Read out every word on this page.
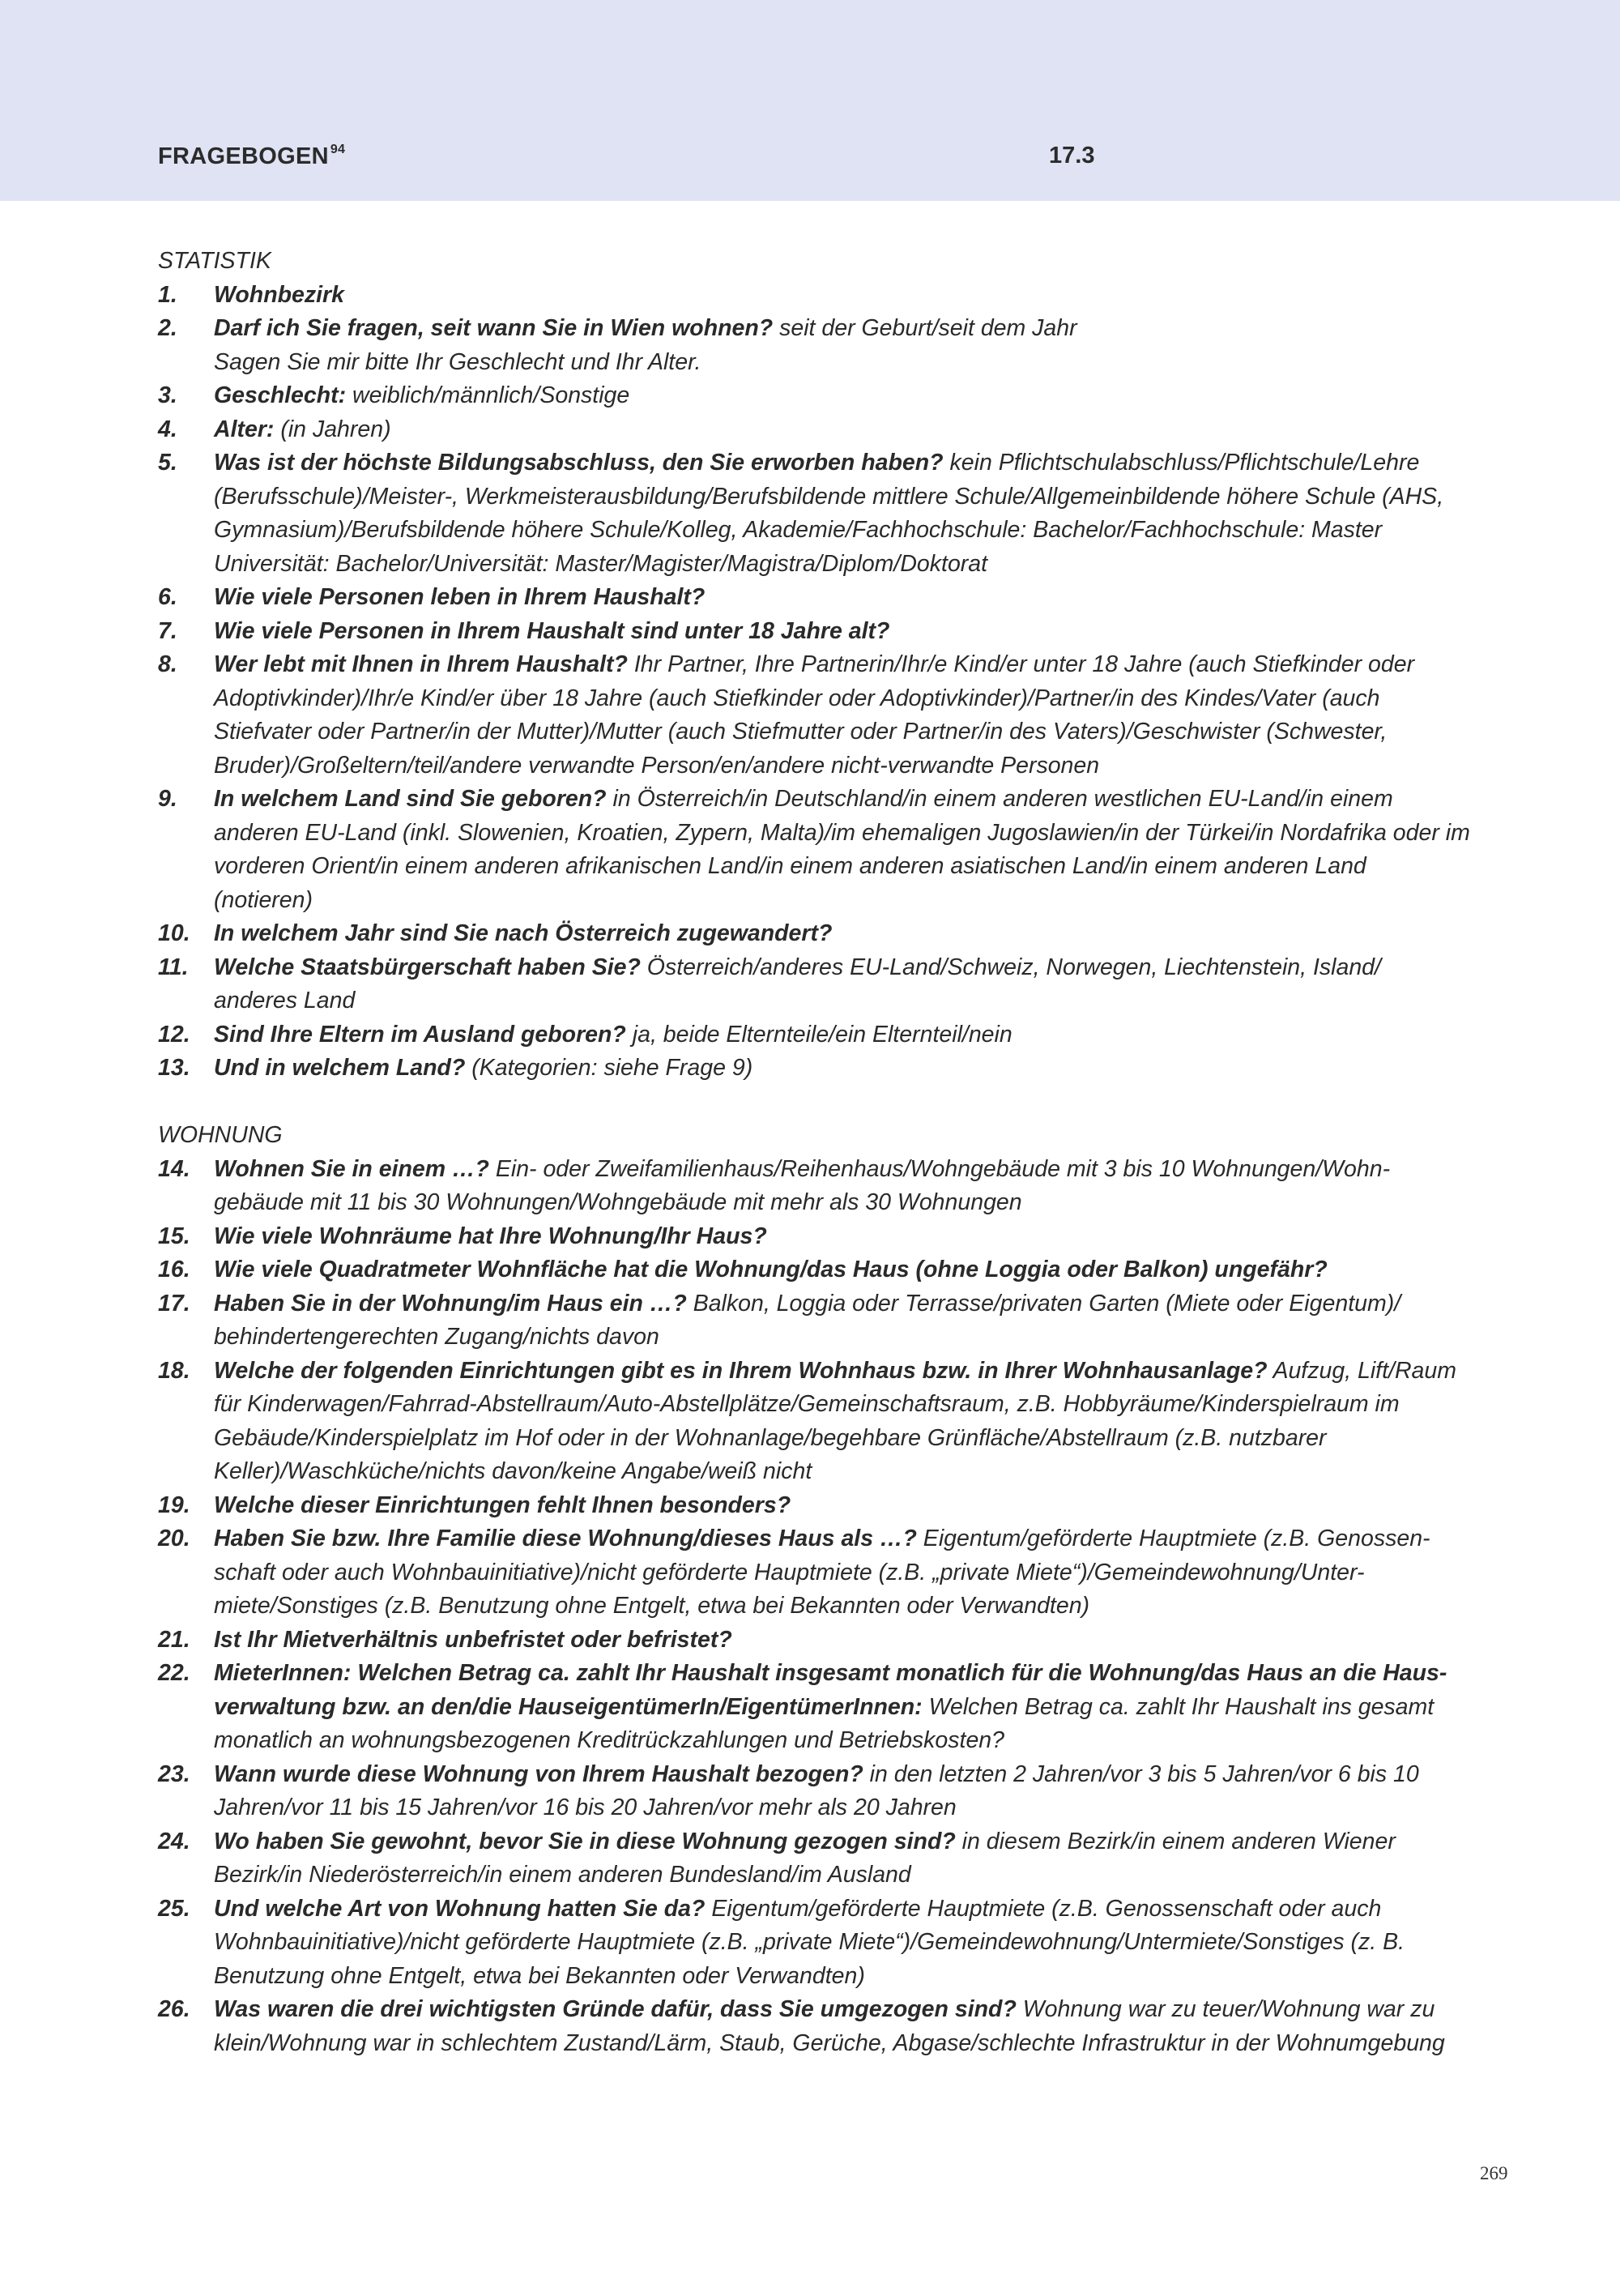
FRAGEBOGEN $^{94}$	17.3
STATISTIK
1. Wohnbezirk
2. Darf ich Sie fragen, seit wann Sie in Wien wohnen? seit der Geburt/seit dem Jahr
Sagen Sie mir bitte Ihr Geschlecht und Ihr Alter.
3. Geschlecht: weiblich/männlich/Sonstige
4. Alter: (in Jahren)
5. Was ist der höchste Bildungsabschluss, den Sie erworben haben? kein Pflichtschulabschluss/Pflichtschule/Lehre (Berufsschule)/Meister-, Werkmeisterausbildung/Berufsbildende mittlere Schule/Allgemeinbildende höhere Schule (AHS, Gymnasium)/Berufsbildende höhere Schule/Kolleg, Akademie/Fachhochschule: Bachelor/Fachhochschule: Master Universität: Bachelor/Universität: Master/Magister/Magistra/Diplom/Doktorat
6. Wie viele Personen leben in Ihrem Haushalt?
7. Wie viele Personen in Ihrem Haushalt sind unter 18 Jahre alt?
8. Wer lebt mit Ihnen in Ihrem Haushalt? Ihr Partner, Ihre Partnerin/Ihr/e Kind/er unter 18 Jahre (auch Stiefkinder oder Adoptivkinder)/Ihr/e Kind/er über 18 Jahre (auch Stiefkinder oder Adoptivkinder)/Partner/in des Kindes/Vater (auch Stiefvater oder Partner/in der Mutter)/Mutter (auch Stiefmutter oder Partner/in des Vaters)/Geschwister (Schwester, Bruder)/Großeltern/teil/andere verwandte Person/en/andere nicht-verwandte Personen
9. In welchem Land sind Sie geboren? in Österreich/in Deutschland/in einem anderen westlichen EU-Land/in einem anderen EU-Land (inkl. Slowenien, Kroatien, Zypern, Malta)/im ehemaligen Jugoslawien/in der Türkei/in Nordafrika oder im vorderen Orient/in einem anderen afrikanischen Land/in einem anderen asiatischen Land/in einem anderen Land (notieren)
10. In welchem Jahr sind Sie nach Österreich zugewandert?
11. Welche Staatsbürgerschaft haben Sie? Österreich/anderes EU-Land/Schweiz, Norwegen, Liechtenstein, Island/ anderes Land
12. Sind Ihre Eltern im Ausland geboren? ja, beide Elternteile/ein Elternteil/nein
13. Und in welchem Land? (Kategorien: siehe Frage 9)
WOHNUNG
14. Wohnen Sie in einem …? Ein- oder Zweifamilienhaus/Reihenhaus/Wohngebäude mit 3 bis 10 Wohnungen/Wohn-gebäude mit 11 bis 30 Wohnungen/Wohngebäude mit mehr als 30 Wohnungen
15. Wie viele Wohnräume hat Ihre Wohnung/Ihr Haus?
16. Wie viele Quadratmeter Wohnfläche hat die Wohnung/das Haus (ohne Loggia oder Balkon) ungefähr?
17. Haben Sie in der Wohnung/im Haus ein …? Balkon, Loggia oder Terrasse/privaten Garten (Miete oder Eigentum)/ behindertengerechten Zugang/nichts davon
18. Welche der folgenden Einrichtungen gibt es in Ihrem Wohnhaus bzw. in Ihrer Wohnhausanlage? Aufzug, Lift/Raum für Kinderwagen/Fahrrad-Abstellraum/Auto-Abstellplätze/Gemeinschaftsraum, z.B. Hobbyräume/Kinderspielraum im Gebäude/Kinderspielplatz im Hof oder in der Wohnanlage/begehbare Grünfläche/Abstellraum (z.B. nutzbarer Keller)/Waschküche/nichts davon/keine Angabe/weiß nicht
19. Welche dieser Einrichtungen fehlt Ihnen besonders?
20. Haben Sie bzw. Ihre Familie diese Wohnung/dieses Haus als …? Eigentum/geförderte Hauptmiete (z.B. Genossen-schaft oder auch Wohnbauinitiative)/nicht geförderte Hauptmiete (z.B. „private Miete“)/Gemeindewohnung/Unter-miete/Sonstiges (z.B. Benutzung ohne Entgelt, etwa bei Bekannten oder Verwandten)
21. Ist Ihr Mietverhältnis unbefristet oder befristet?
22. MieterInnen: Welchen Betrag ca. zahlt Ihr Haushalt insgesamt monatlich für die Wohnung/das Haus an die Haus-verwaltung bzw. an den/die HauseigentümerIn/EigentümerInnen: Welchen Betrag ca. zahlt Ihr Haushalt ins gesamt monatlich an wohnungsbezogenen Kreditrückzahlungen und Betriebskosten?
23. Wann wurde diese Wohnung von Ihrem Haushalt bezogen? in den letzten 2 Jahren/vor 3 bis 5 Jahren/vor 6 bis 10 Jahren/vor 11 bis 15 Jahren/vor 16 bis 20 Jahren/vor mehr als 20 Jahren
24. Wo haben Sie gewohnt, bevor Sie in diese Wohnung gezogen sind? in diesem Bezirk/in einem anderen Wiener Bezirk/in Niederösterreich/in einem anderen Bundesland/im Ausland
25. Und welche Art von Wohnung hatten Sie da? Eigentum/geförderte Hauptmiete (z.B. Genossenschaft oder auch Wohnbauinitiative)/nicht geförderte Hauptmiete (z.B. „private Miete“)/Gemeindewohnung/Untermiete/Sonstiges (z. B. Benutzung ohne Entgelt, etwa bei Bekannten oder Verwandten)
26. Was waren die drei wichtigsten Gründe dafür, dass Sie umgezogen sind? Wohnung war zu teuer/Wohnung war zu klein/Wohnung war in schlechtem Zustand/Lärm, Staub, Gerüche, Abgase/schlechte Infrastruktur in der Wohnumgebung
269
